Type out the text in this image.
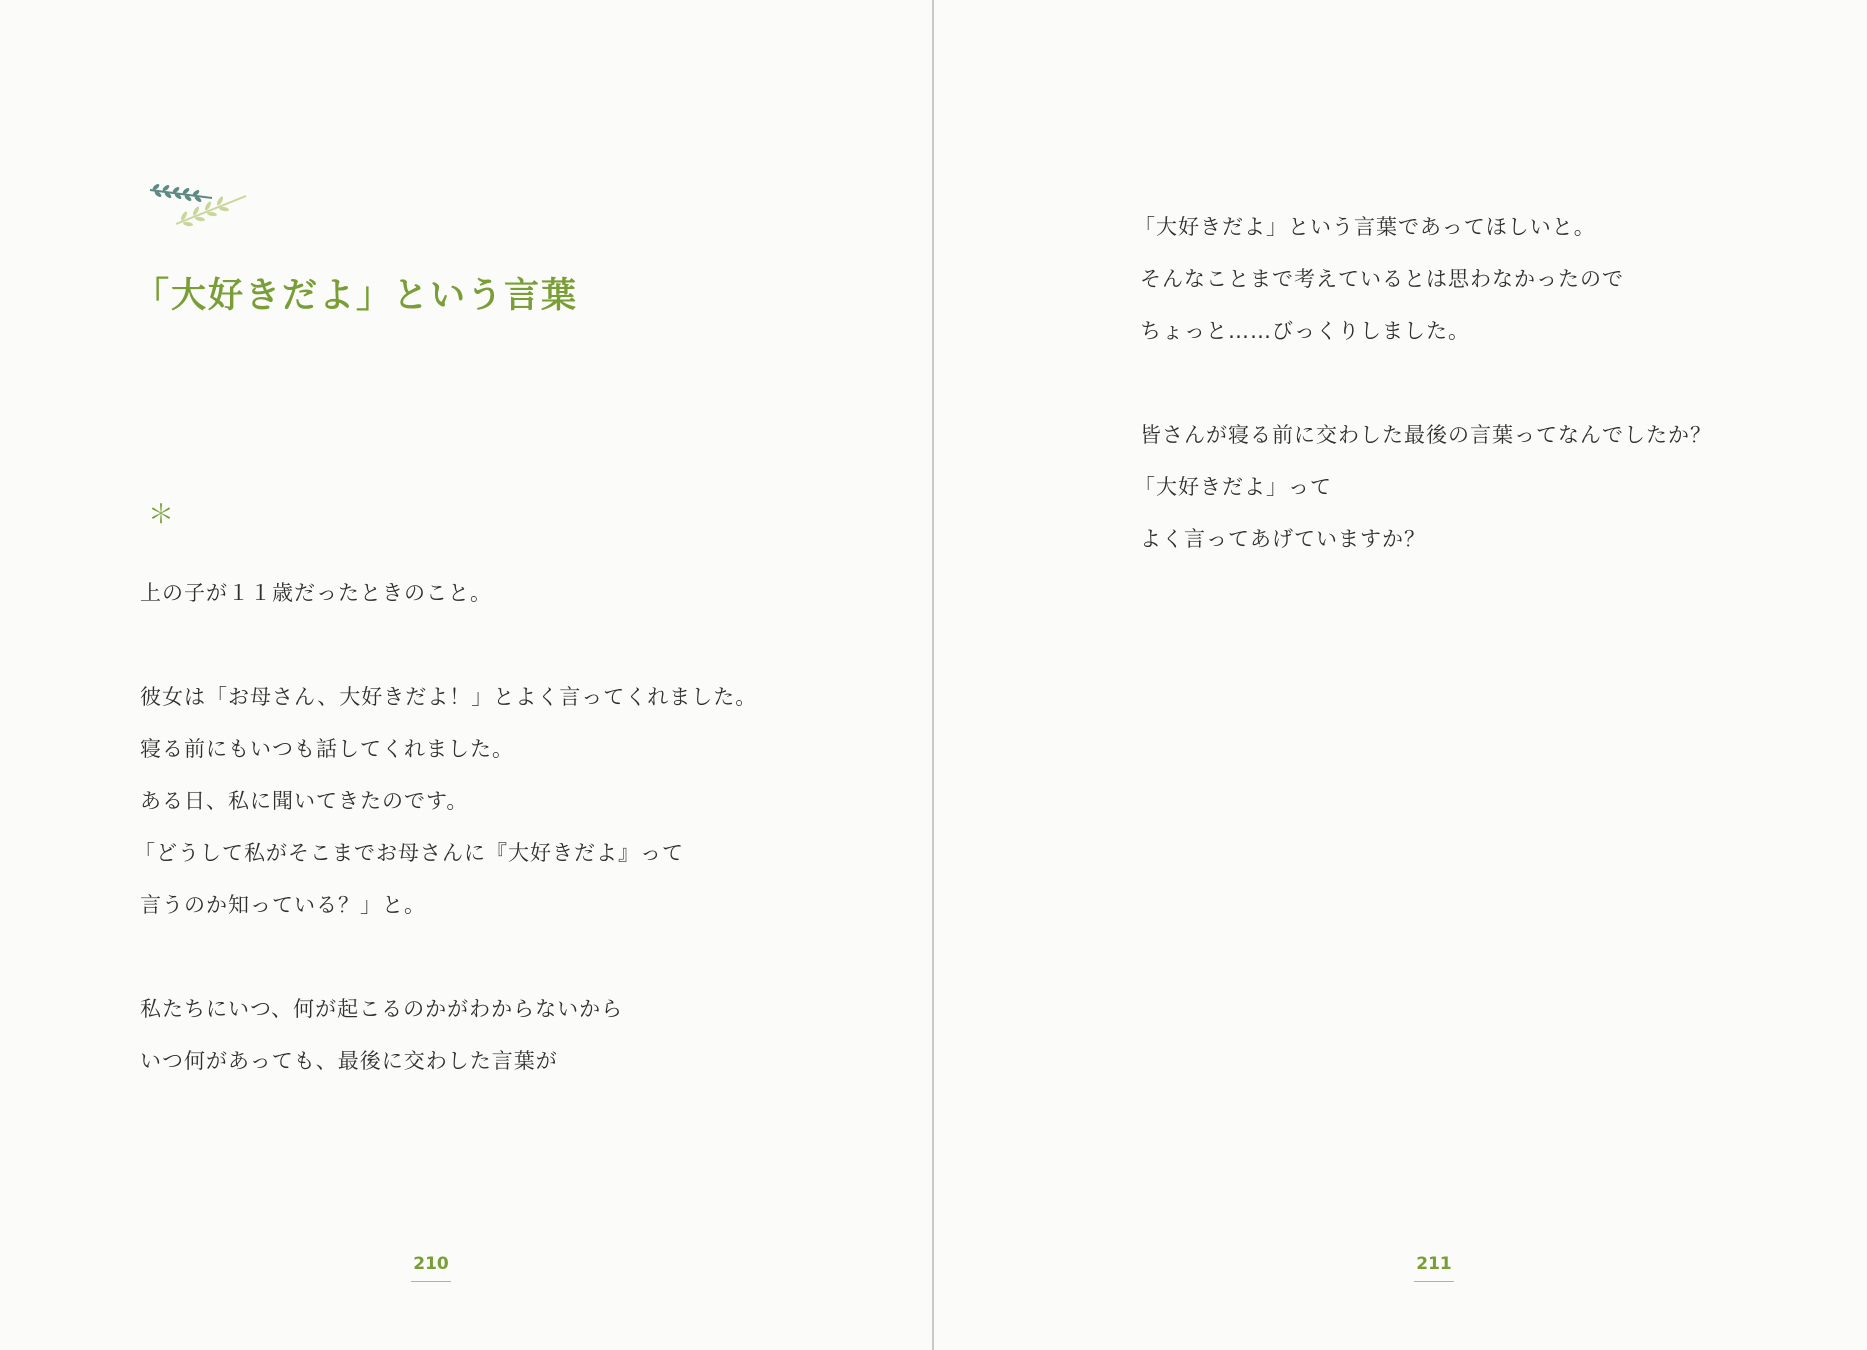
「大好きだよ」という言葉
＊
上の子が１１歳だったときのこと。
彼女は「お母さん、大好きだよ！」とよく言ってくれました。
寝る前にもいつも話してくれました。
ある日、私に聞いてきたのです。
「どうして私がそこまでお母さんに『大好きだよ』って
言うのか知っている？」と。
私たちにいつ、何が起こるのかがわからないから
いつ何があっても、最後に交わした言葉が
210	211
「大好きだよ」という言葉であってほしいと。
そんなことまで考えているとは思わなかったので
ちょっと……びっくりしました。
皆さんが寝る前に交わした最後の言葉ってなんでしたか？
「大好きだよ」って
よく言ってあげていますか？
